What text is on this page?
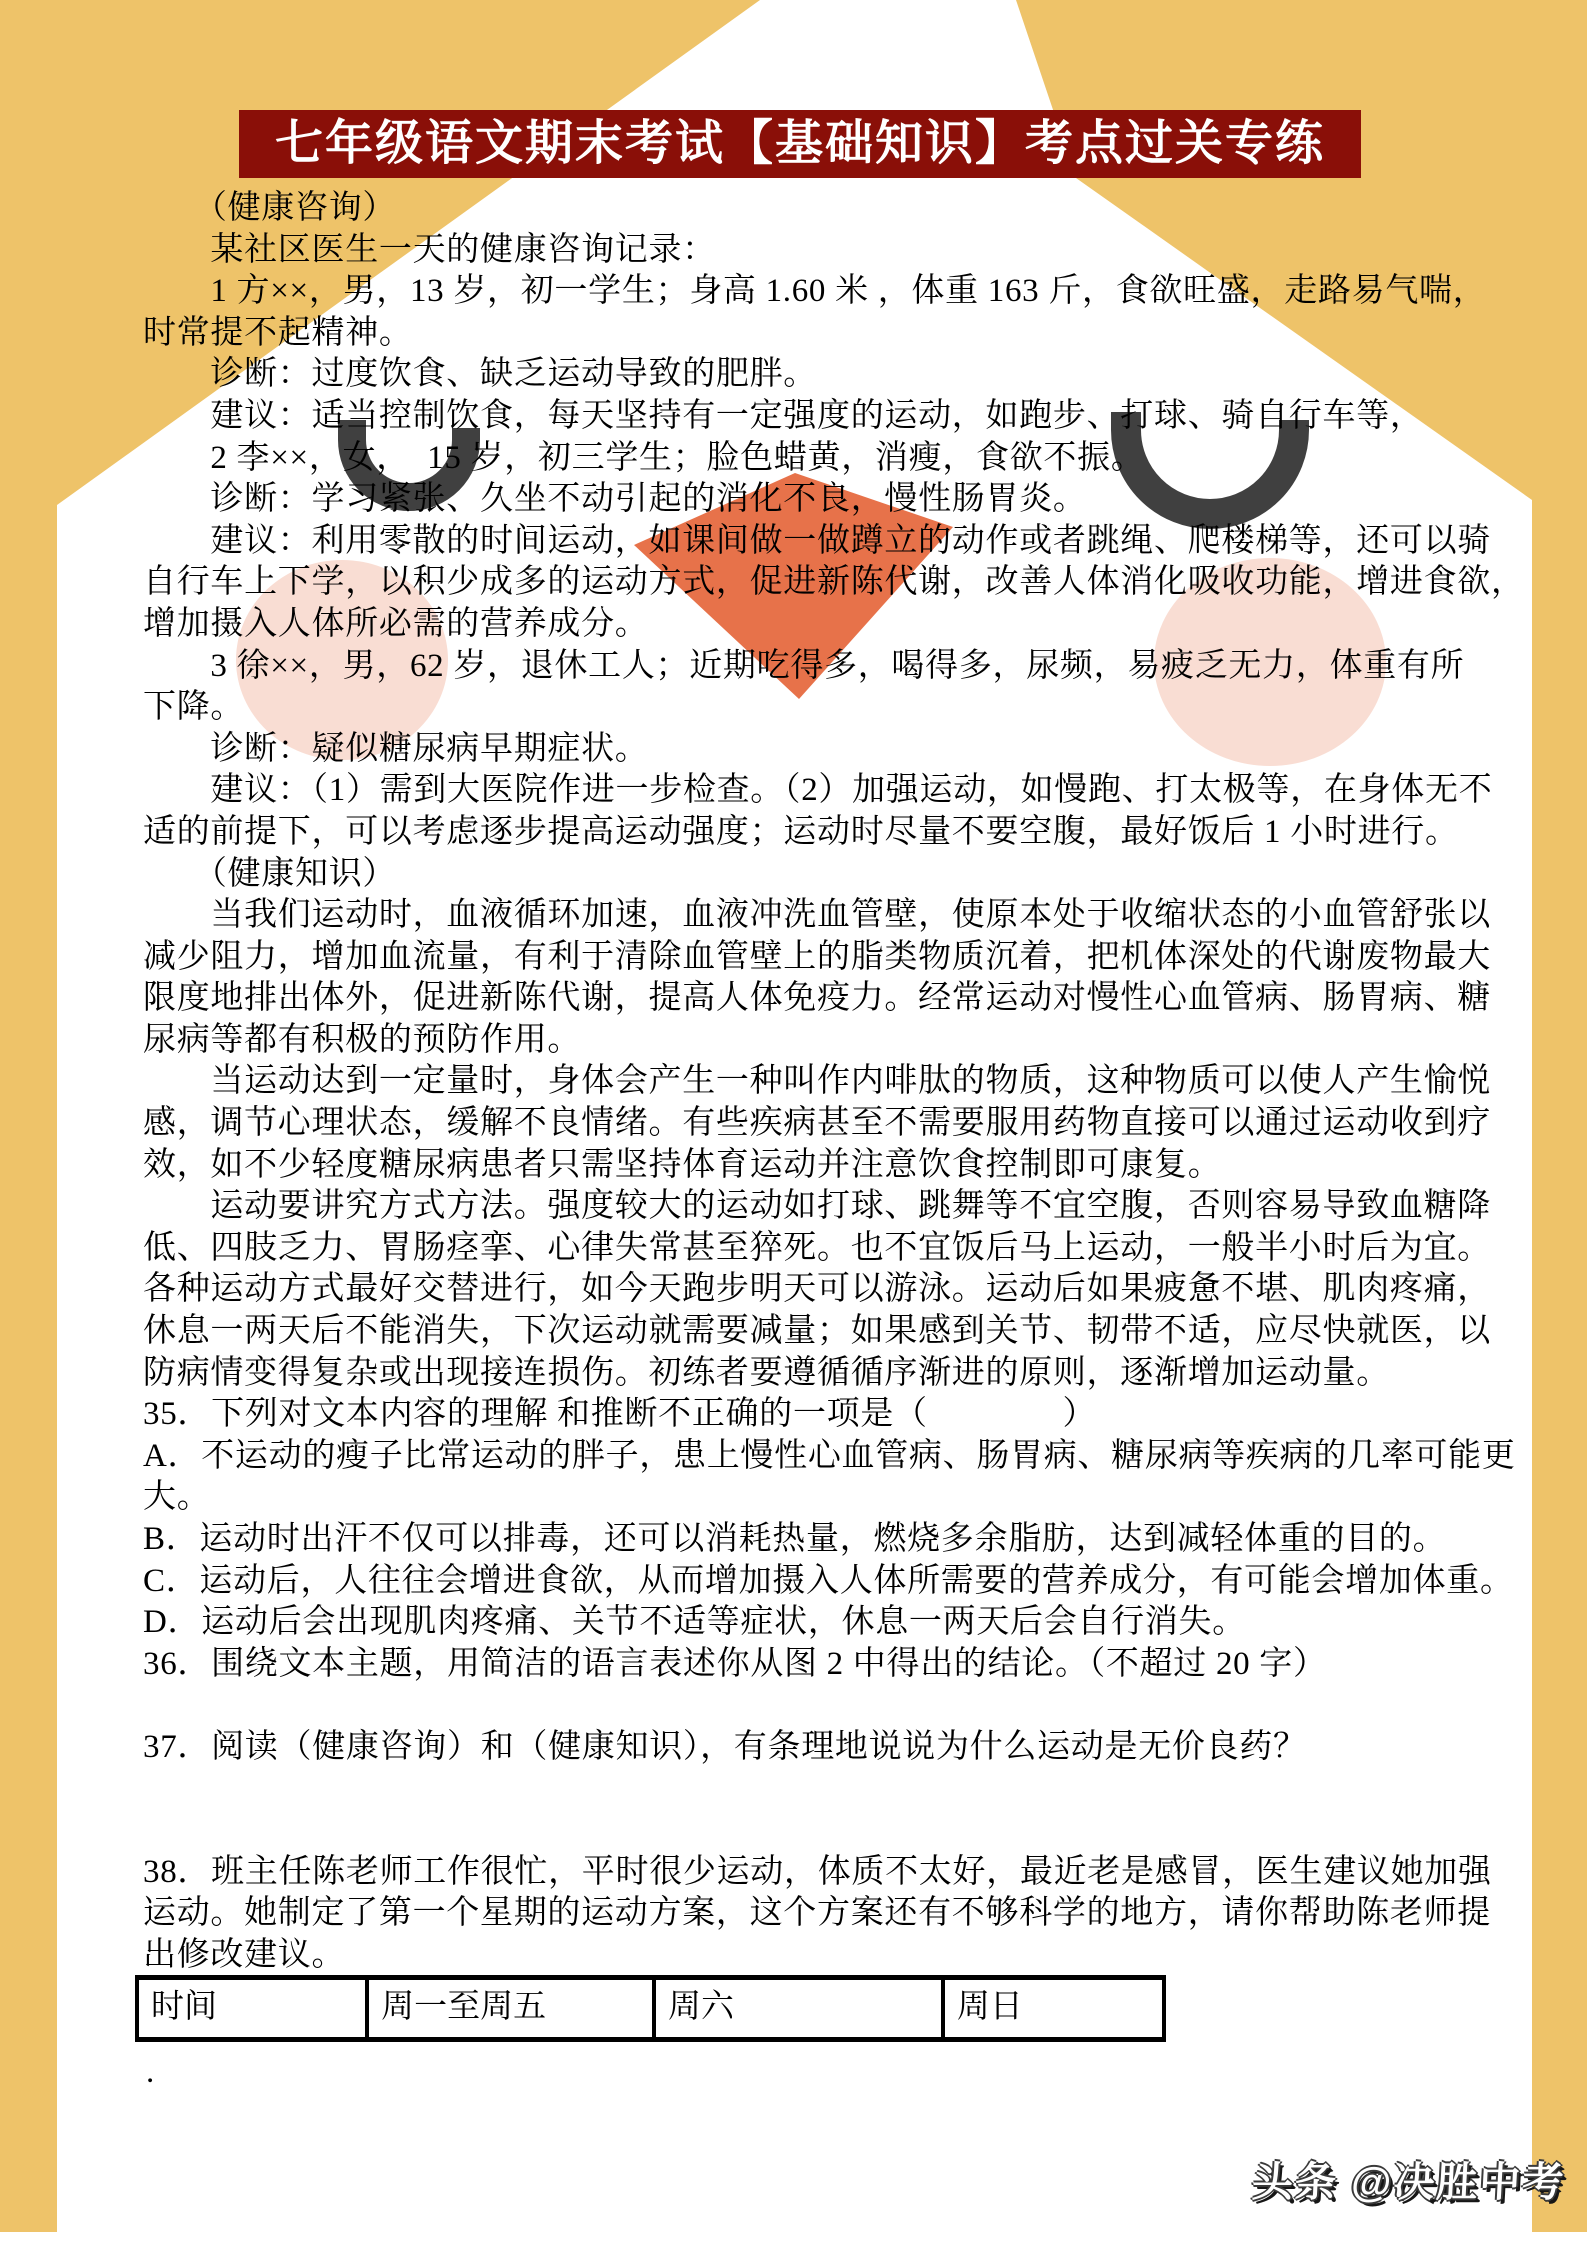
七年级语文期末考试【基础知识】考点过关专练
　　（健康咨询）
　　某社区医生一天的健康咨询记录：
　　1 方××，男，13 岁，初一学生；身高 1.60 米 ，体重 163 斤，食欲旺盛，走路易气喘，
时常提不起精神。
　　诊断：过度饮食、缺乏运动导致的肥胖。
　　建议：适当控制饮食，每天坚持有一定强度的运动，如跑步、打球、骑自行车等，
　　2 李××，女，　15 岁，初三学生；脸色蜡黄，消瘦，食欲不振。
　　诊断：学习紧张、久坐不动引起的消化不良，慢性肠胃炎。
　　建议：利用零散的时间运动，如课间做一做蹲立的动作或者跳绳、爬楼梯等，还可以骑
自行车上下学，以积少成多的运动方式，促进新陈代谢，改善人体消化吸收功能，增进食欲，
增加摄入人体所必需的营养成分。
　　3 徐××，男，62 岁，退休工人；近期吃得多，喝得多，尿频，易疲乏无力，体重有所
下降。
　　诊断：疑似糖尿病早期症状。
　　建议：（1）需到大医院作进一步检查。（2）加强运动，如慢跑、打太极等，在身体无不
适的前提下，可以考虑逐步提高运动强度；运动时尽量不要空腹，最好饭后 1 小时进行。
　　（健康知识）
　　当我们运动时，血液循环加速，血液冲洗血管壁，使原本处于收缩状态的小血管舒张以
减少阻力，增加血流量，有利于清除血管壁上的脂类物质沉着，把机体深处的代谢废物最大
限度地排出体外，促进新陈代谢，提高人体免疫力。经常运动对慢性心血管病、肠胃病、糖
尿病等都有积极的预防作用。
　　当运动达到一定量时，身体会产生一种叫作内啡肽的物质，这种物质可以使人产生愉悦
感，调节心理状态，缓解不良情绪。有些疾病甚至不需要服用药物直接可以通过运动收到疗
效，如不少轻度糖尿病患者只需坚持体育运动并注意饮食控制即可康复。
　　运动要讲究方式方法。强度较大的运动如打球、跳舞等不宜空腹，否则容易导致血糖降
低、四肢乏力、胃肠痉挛、心律失常甚至猝死。也不宜饭后马上运动，一般半小时后为宜。
各种运动方式最好交替进行，如今天跑步明天可以游泳。运动后如果疲惫不堪、肌肉疼痛，
休息一两天后不能消失，下次运动就需要减量；如果感到关节、韧带不适，应尽快就医，以
防病情变得复杂或出现接连损伤。初练者要遵循循序渐进的原则，逐渐增加运动量。
35．下列对文本内容的理解 和推断不正确的一项是（　　　　）
A．不运动的瘦子比常运动的胖子，患上慢性心血管病、肠胃病、糖尿病等疾病的几率可能更
大。
B．运动时出汗不仅可以排毒，还可以消耗热量，燃烧多余脂肪，达到减轻体重的目的。
C．运动后，人往往会增进食欲，从而增加摄入人体所需要的营养成分，有可能会增加体重。
D．运动后会出现肌肉疼痛、关节不适等症状，休息一两天后会自行消失。
36．围绕文本主题，用简洁的语言表述你从图 2 中得出的结论。（不超过 20 字）

37．阅读（健康咨询）和（健康知识），有条理地说说为什么运动是无价良药？

38．班主任陈老师工作很忙，平时很少运动，体质不太好，最近老是感冒，医生建议她加强
运动。她制定了第一个星期的运动方案，这个方案还有不够科学的地方，请你帮助陈老师提
出修改建议。
时间	周一至周五	周六	周日
.
头条 @决胜中考
